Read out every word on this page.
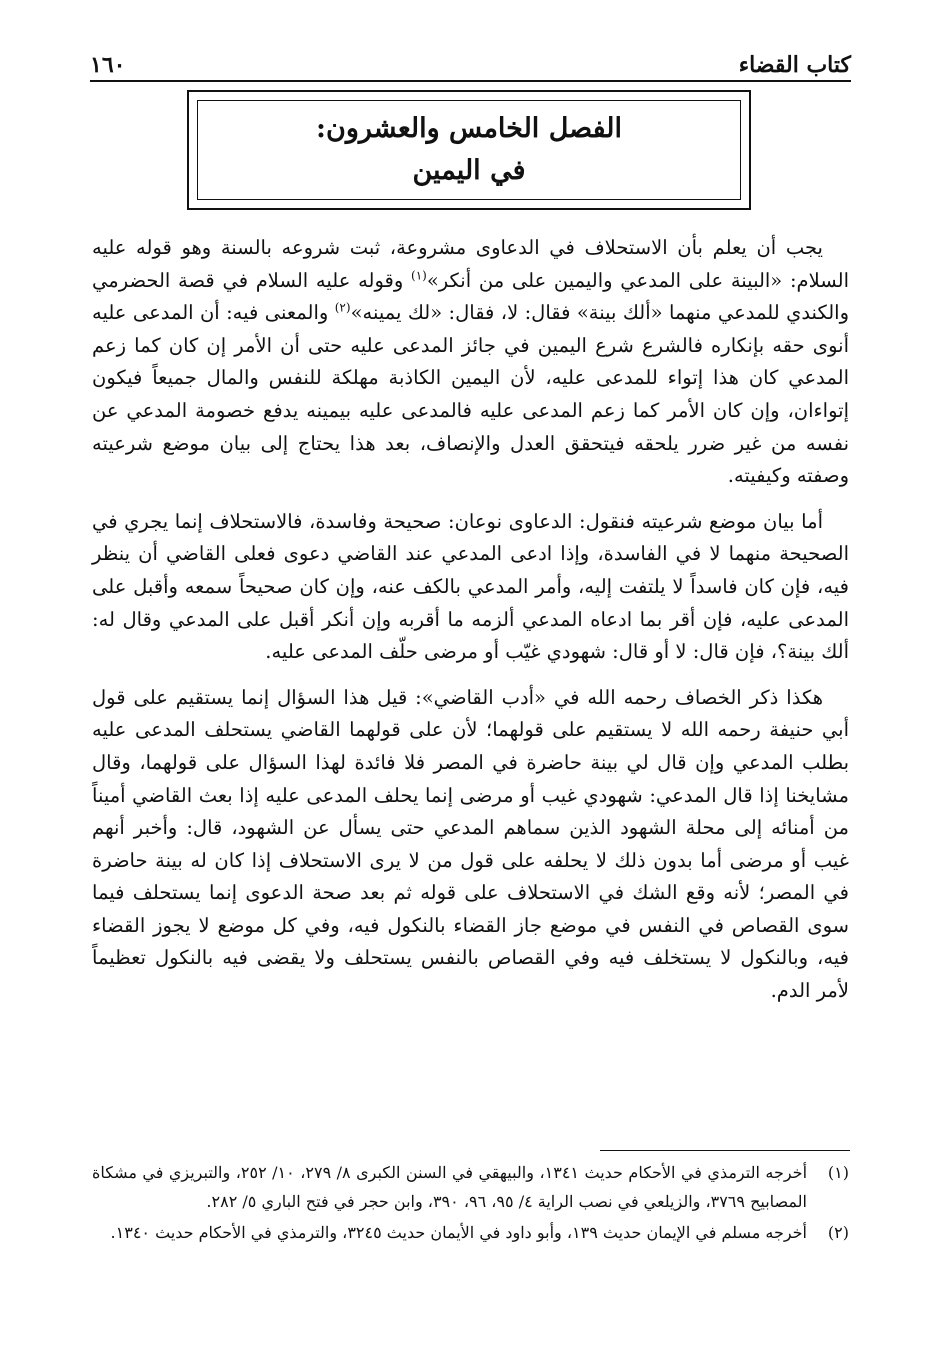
كتاب القضاء
١٦٠
الفصل الخامس والعشرون:
في اليمين

يجب أن يعلم بأن الاستحلاف في الدعاوى مشروعة، ثبت شروعه بالسنة وهو قوله عليه السلام: «البينة على المدعي واليمين على من أنكر»$^{(١)}$ وقوله عليه السلام في قصة الحضرمي والكندي للمدعي منهما «ألك بينة» فقال: لا، فقال: «لك يمينه»$^{(٢)}$ والمعنى فيه: أن المدعى عليه أنوى حقه بإنكاره فالشرع شرع اليمين في جائز المدعى عليه حتى أن الأمر إن كان كما زعم المدعي كان هذا إتواء للمدعى عليه، لأن اليمين الكاذبة مهلكة للنفس والمال جميعاً فيكون إتواءان، وإن كان الأمر كما زعم المدعى عليه فالمدعى عليه بيمينه يدفع خصومة المدعي عن نفسه من غير ضرر يلحقه فيتحقق العدل والإنصاف، بعد هذا يحتاج إلى بيان موضع شرعيته وصفته وكيفيته.

أما بيان موضع شرعيته فنقول: الدعاوى نوعان: صحيحة وفاسدة، فالاستحلاف إنما يجري في الصحيحة منهما لا في الفاسدة، وإذا ادعى المدعي عند القاضي دعوى فعلى القاضي أن ينظر فيه، فإن كان فاسداً لا يلتفت إليه، وأمر المدعي بالكف عنه، وإن كان صحيحاً سمعه وأقبل على المدعى عليه، فإن أقر بما ادعاه المدعي ألزمه ما أقربه وإن أنكر أقبل على المدعي وقال له: ألك بينة؟، فإن قال: لا أو قال: شهودي غيّب أو مرضى حلّف المدعى عليه.

هكذا ذكر الخصاف رحمه الله في «أدب القاضي»: قيل هذا السؤال إنما يستقيم على قول أبي حنيفة رحمه الله لا يستقيم على قولهما؛ لأن على قولهما القاضي يستحلف المدعى عليه بطلب المدعي وإن قال لي بينة حاضرة في المصر فلا فائدة لهذا السؤال على قولهما، وقال مشايخنا إذا قال المدعي: شهودي غيب أو مرضى إنما يحلف المدعى عليه إذا بعث القاضي أميناً من أمنائه إلى محلة الشهود الذين سماهم المدعي حتى يسأل عن الشهود، قال: وأخبر أنهم غيب أو مرضى أما بدون ذلك لا يحلفه على قول من لا يرى الاستحلاف إذا كان له بينة حاضرة في المصر؛ لأنه وقع الشك في الاستحلاف على قوله ثم بعد صحة الدعوى إنما يستحلف فيما سوى القصاص في النفس في موضع جاز القضاء بالنكول فيه، وفي كل موضع لا يجوز القضاء فيه، وبالنكول لا يستخلف فيه وفي القصاص بالنفس يستحلف ولا يقضى فيه بالنكول تعظيماً لأمر الدم.

(١)
أخرجه الترمذي في الأحكام حديث ١٣٤١، والبيهقي في السنن الكبرى ٨/ ٢٧٩، ١٠/ ٢٥٢، والتبريزي في مشكاة المصابيح ٣٧٦٩، والزيلعي في نصب الراية ٤/ ٩٥، ٩٦، ٣٩٠، وابن حجر في فتح الباري ٥/ ٢٨٢.
(٢)
أخرجه مسلم في الإيمان حديث ١٣٩، وأبو داود في الأيمان حديث ٣٢٤٥، والترمذي في الأحكام حديث ١٣٤٠.
